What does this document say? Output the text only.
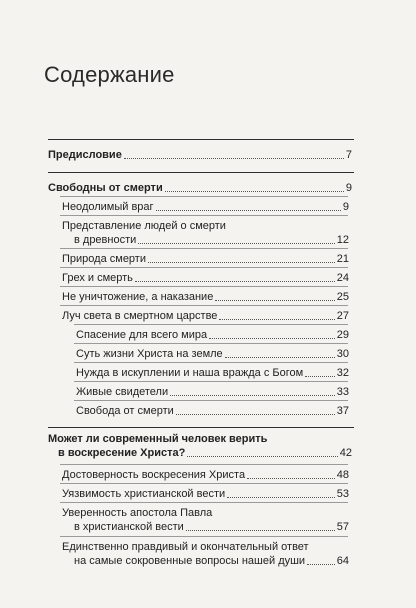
Содержание
Предисловие	7
Свободны от смерти	9
Неодолимый враг	9
Представление людей о смерти
в древности	12
Природа смерти	21
Грех и смерть	24
Не уничтожение, а наказание	25
Луч света в смертном царстве	27
Спасение для всего мира	29
Суть жизни Христа на земле	30
Нужда в искуплении и наша вражда с Богом	32
Живые свидетели	33
Свобода от смерти	37
Может ли современный человек верить
в воскресение Христа?	42
Достоверность воскресения Христа	48
Уязвимость христианской вести	53
Уверенность апостола Павла
в христианской вести	57
Единственно правдивый и окончательный ответ
на самые сокровенные вопросы нашей души	64
